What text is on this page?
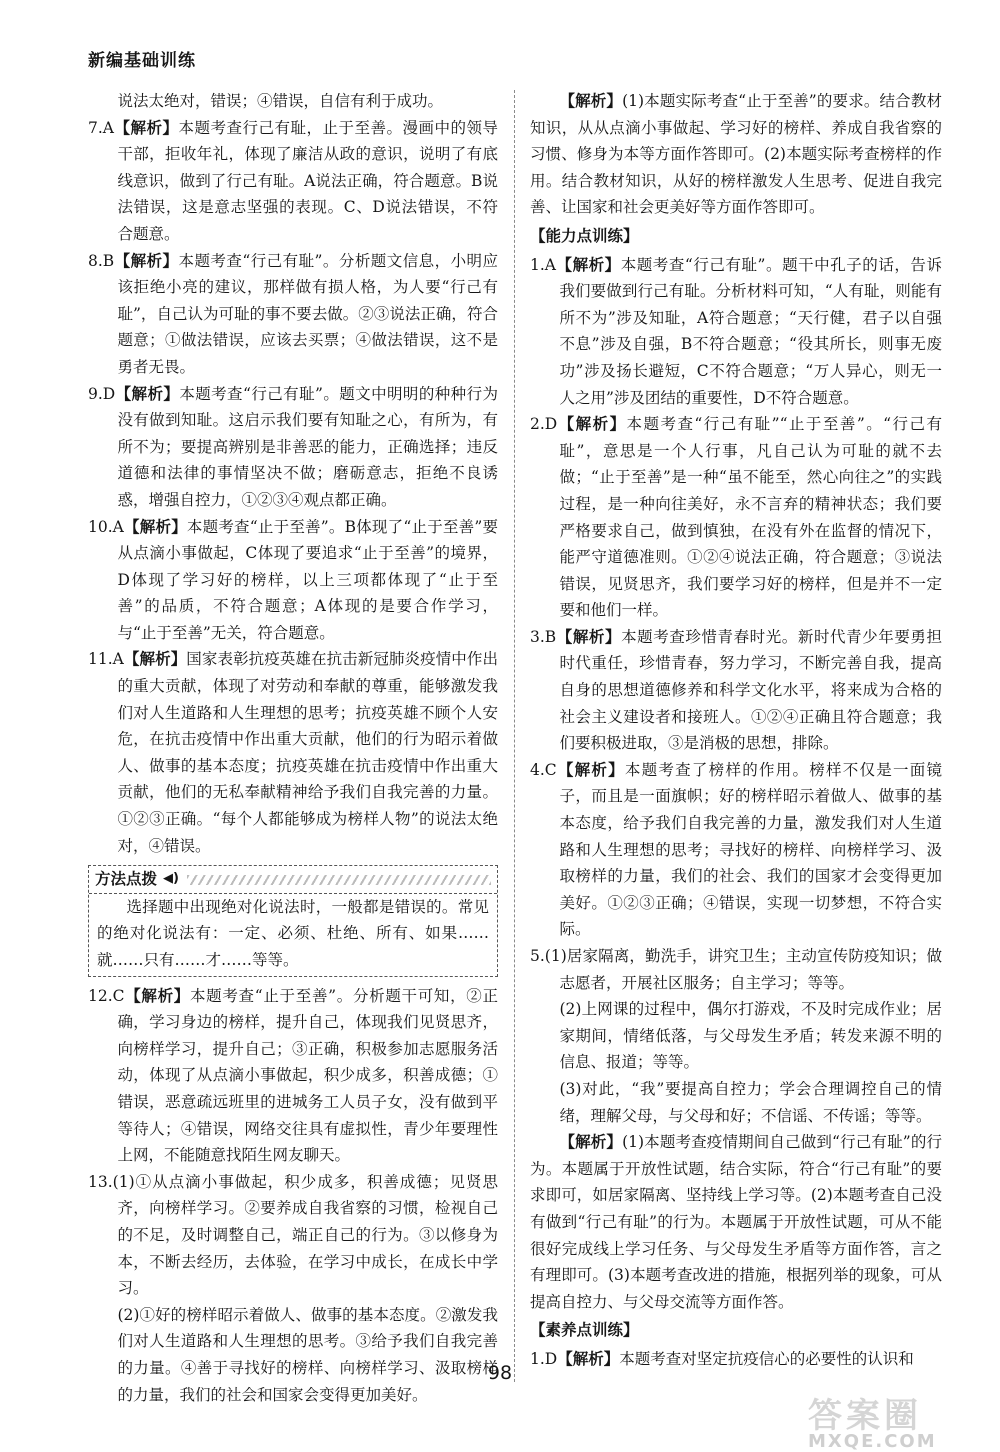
新编基础训练

说法太绝对，错误；④错误，自信有利于成功。

7.A【解析】本题考查行己有耻，止于至善。漫画中的领导干部，拒收年礼，体现了廉洁从政的意识，说明了有底线意识，做到了行己有耻。A说法正确，符合题意。B说法错误，这是意志坚强的表现。C、D说法错误，不符合题意。

8.B【解析】本题考查“行己有耻”。分析题文信息，小明应该拒绝小亮的建议，那样做有损人格，为人要“行己有耻”，自己认为可耻的事不要去做。②③说法正确，符合题意；①做法错误，应该去买票；④做法错误，这不是勇者无畏。

9.D【解析】本题考查“行己有耻”。题文中明明的种种行为没有做到知耻。这启示我们要有知耻之心，有所为，有所不为；要提高辨别是非善恶的能力，正确选择；违反道德和法律的事情坚决不做；磨砺意志，拒绝不良诱惑，增强自控力，①②③④观点都正确。

10.A【解析】本题考查“止于至善”。B体现了“止于至善”要从点滴小事做起，C体现了要追求“止于至善”的境界，D体现了学习好的榜样，以上三项都体现了“止于至善”的品质，不符合题意；A体现的是要合作学习，与“止于至善”无关，符合题意。

11.A【解析】国家表彰抗疫英雄在抗击新冠肺炎疫情中作出的重大贡献，体现了对劳动和奉献的尊重，能够激发我们对人生道路和人生理想的思考；抗疫英雄不顾个人安危，在抗击疫情中作出重大贡献，他们的行为昭示着做人、做事的基本态度；抗疫英雄在抗击疫情中作出重大贡献，他们的无私奉献精神给予我们自我完善的力量。①②③正确。“每个人都能够成为榜样人物”的说法太绝对，④错误。

方法点拨 ◀)

选择题中出现绝对化说法时，一般都是错误的。常见的绝对化说法有：一定、必须、杜绝、所有、如果……就……只有……才……等等。

12.C【解析】本题考查“止于至善”。分析题干可知，②正确，学习身边的榜样，提升自己，体现我们见贤思齐，向榜样学习，提升自己；③正确，积极参加志愿服务活动，体现了从点滴小事做起，积少成多，积善成德；①错误，恶意疏远班里的进城务工人员子女，没有做到平等待人；④错误，网络交往具有虚拟性，青少年要理性上网，不能随意找陌生网友聊天。

13.(1)①从点滴小事做起，积少成多，积善成德；见贤思齐，向榜样学习。②要养成自我省察的习惯，检视自己的不足，及时调整自己，端正自己的行为。③以修身为本，不断去经历，去体验，在学习中成长，在成长中学习。

(2)①好的榜样昭示着做人、做事的基本态度。②激发我们对人生道路和人生理想的思考。③给予我们自我完善的力量。④善于寻找好的榜样、向榜样学习、汲取榜样的力量，我们的社会和国家会变得更加美好。

【解析】(1)本题实际考查“止于至善”的要求。结合教材知识，从从点滴小事做起、学习好的榜样、养成自我省察的习惯、修身为本等方面作答即可。(2)本题实际考查榜样的作用。结合教材知识，从好的榜样激发人生思考、促进自我完善、让国家和社会更美好等方面作答即可。

【能力点训练】

1.A【解析】本题考查“行己有耻”。题干中孔子的话，告诉我们要做到行己有耻。分析材料可知，“人有耻，则能有所不为”涉及知耻，A符合题意；“天行健，君子以自强不息”涉及自强，B不符合题意；“役其所长，则事无废功”涉及扬长避短，C不符合题意；“万人异心，则无一人之用”涉及团结的重要性，D不符合题意。

2.D【解析】本题考查“行己有耻”“止于至善”。“行己有耻”，意思是一个人行事，凡自己认为可耻的就不去做；“止于至善”是一种“虽不能至，然心向往之”的实践过程，是一种向往美好，永不言弃的精神状态；我们要严格要求自己，做到慎独，在没有外在监督的情况下，能严守道德准则。①②④说法正确，符合题意；③说法错误，见贤思齐，我们要学习好的榜样，但是并不一定要和他们一样。

3.B【解析】本题考查珍惜青春时光。新时代青少年要勇担时代重任，珍惜青春，努力学习，不断完善自我，提高自身的思想道德修养和科学文化水平，将来成为合格的社会主义建设者和接班人。①②④正确且符合题意；我们要积极进取，③是消极的思想，排除。

4.C【解析】本题考查了榜样的作用。榜样不仅是一面镜子，而且是一面旗帜；好的榜样昭示着做人、做事的基本态度，给予我们自我完善的力量，激发我们对人生道路和人生理想的思考；寻找好的榜样、向榜样学习、汲取榜样的力量，我们的社会、我们的国家才会变得更加美好。①②③正确；④错误，实现一切梦想，不符合实际。

5.(1)居家隔离，勤洗手，讲究卫生；主动宣传防疫知识；做志愿者，开展社区服务；自主学习；等等。

(2)上网课的过程中，偶尔打游戏，不及时完成作业；居家期间，情绪低落，与父母发生矛盾；转发来源不明的信息、报道；等等。

(3)对此，“我”要提高自控力；学会合理调控自己的情绪，理解父母，与父母和好；不信谣、不传谣；等等。

【解析】(1)本题考查疫情期间自己做到“行己有耻”的行为。本题属于开放性试题，结合实际，符合“行己有耻”的要求即可，如居家隔离、坚持线上学习等。(2)本题考查自己没有做到“行己有耻”的行为。本题属于开放性试题，可从不能很好完成线上学习任务、与父母发生矛盾等方面作答，言之有理即可。(3)本题考查改进的措施，根据列举的现象，可从提高自控力、与父母交流等方面作答。

【素养点训练】

1.D【解析】本题考查对坚定抗疫信心的必要性的认识和

98
答案圈
MXQE.COM
